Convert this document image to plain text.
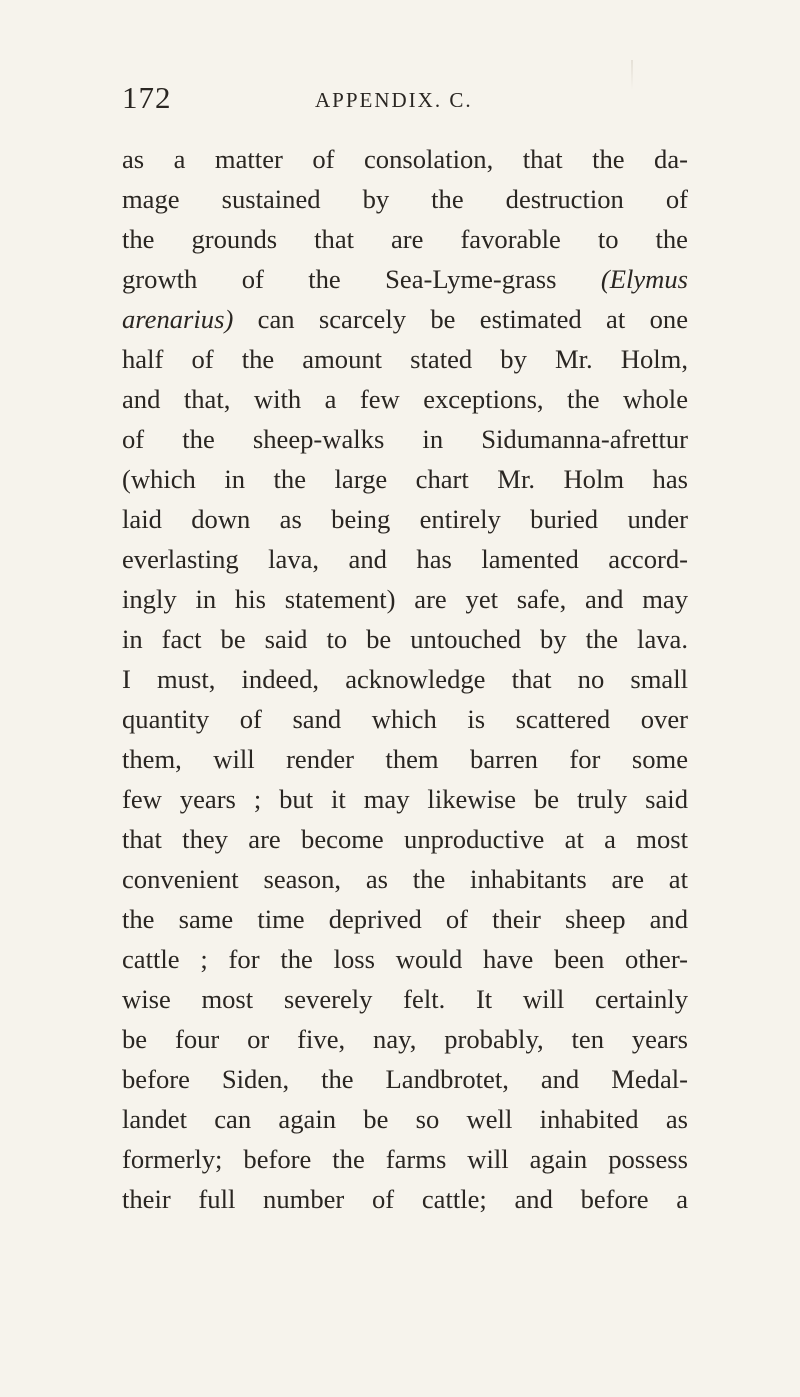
172	APPENDIX. C.
as a matter of consolation, that the da-
mage sustained by the destruction of
the grounds that are favorable to the
growth of the Sea-Lyme-grass (Elymus
arenarius) can scarcely be estimated at one
half of the amount stated by Mr. Holm,
and that, with a few exceptions, the whole
of the sheep-walks in Sidumanna-afrettur
(which in the large chart Mr. Holm has
laid down as being entirely buried under
everlasting lava, and has lamented accord-
ingly in his statement) are yet safe, and may
in fact be said to be untouched by the lava.
I must, indeed, acknowledge that no small
quantity of sand which is scattered over
them, will render them barren for some
few years ; but it may likewise be truly said
that they are become unproductive at a most
convenient season, as the inhabitants are at
the same time deprived of their sheep and
cattle ; for the loss would have been other-
wise most severely felt. It will certainly
be four or five, nay, probably, ten years
before Siden, the Landbrotet, and Medal-
landet can again be so well inhabited as
formerly; before the farms will again possess
their full number of cattle; and before a
